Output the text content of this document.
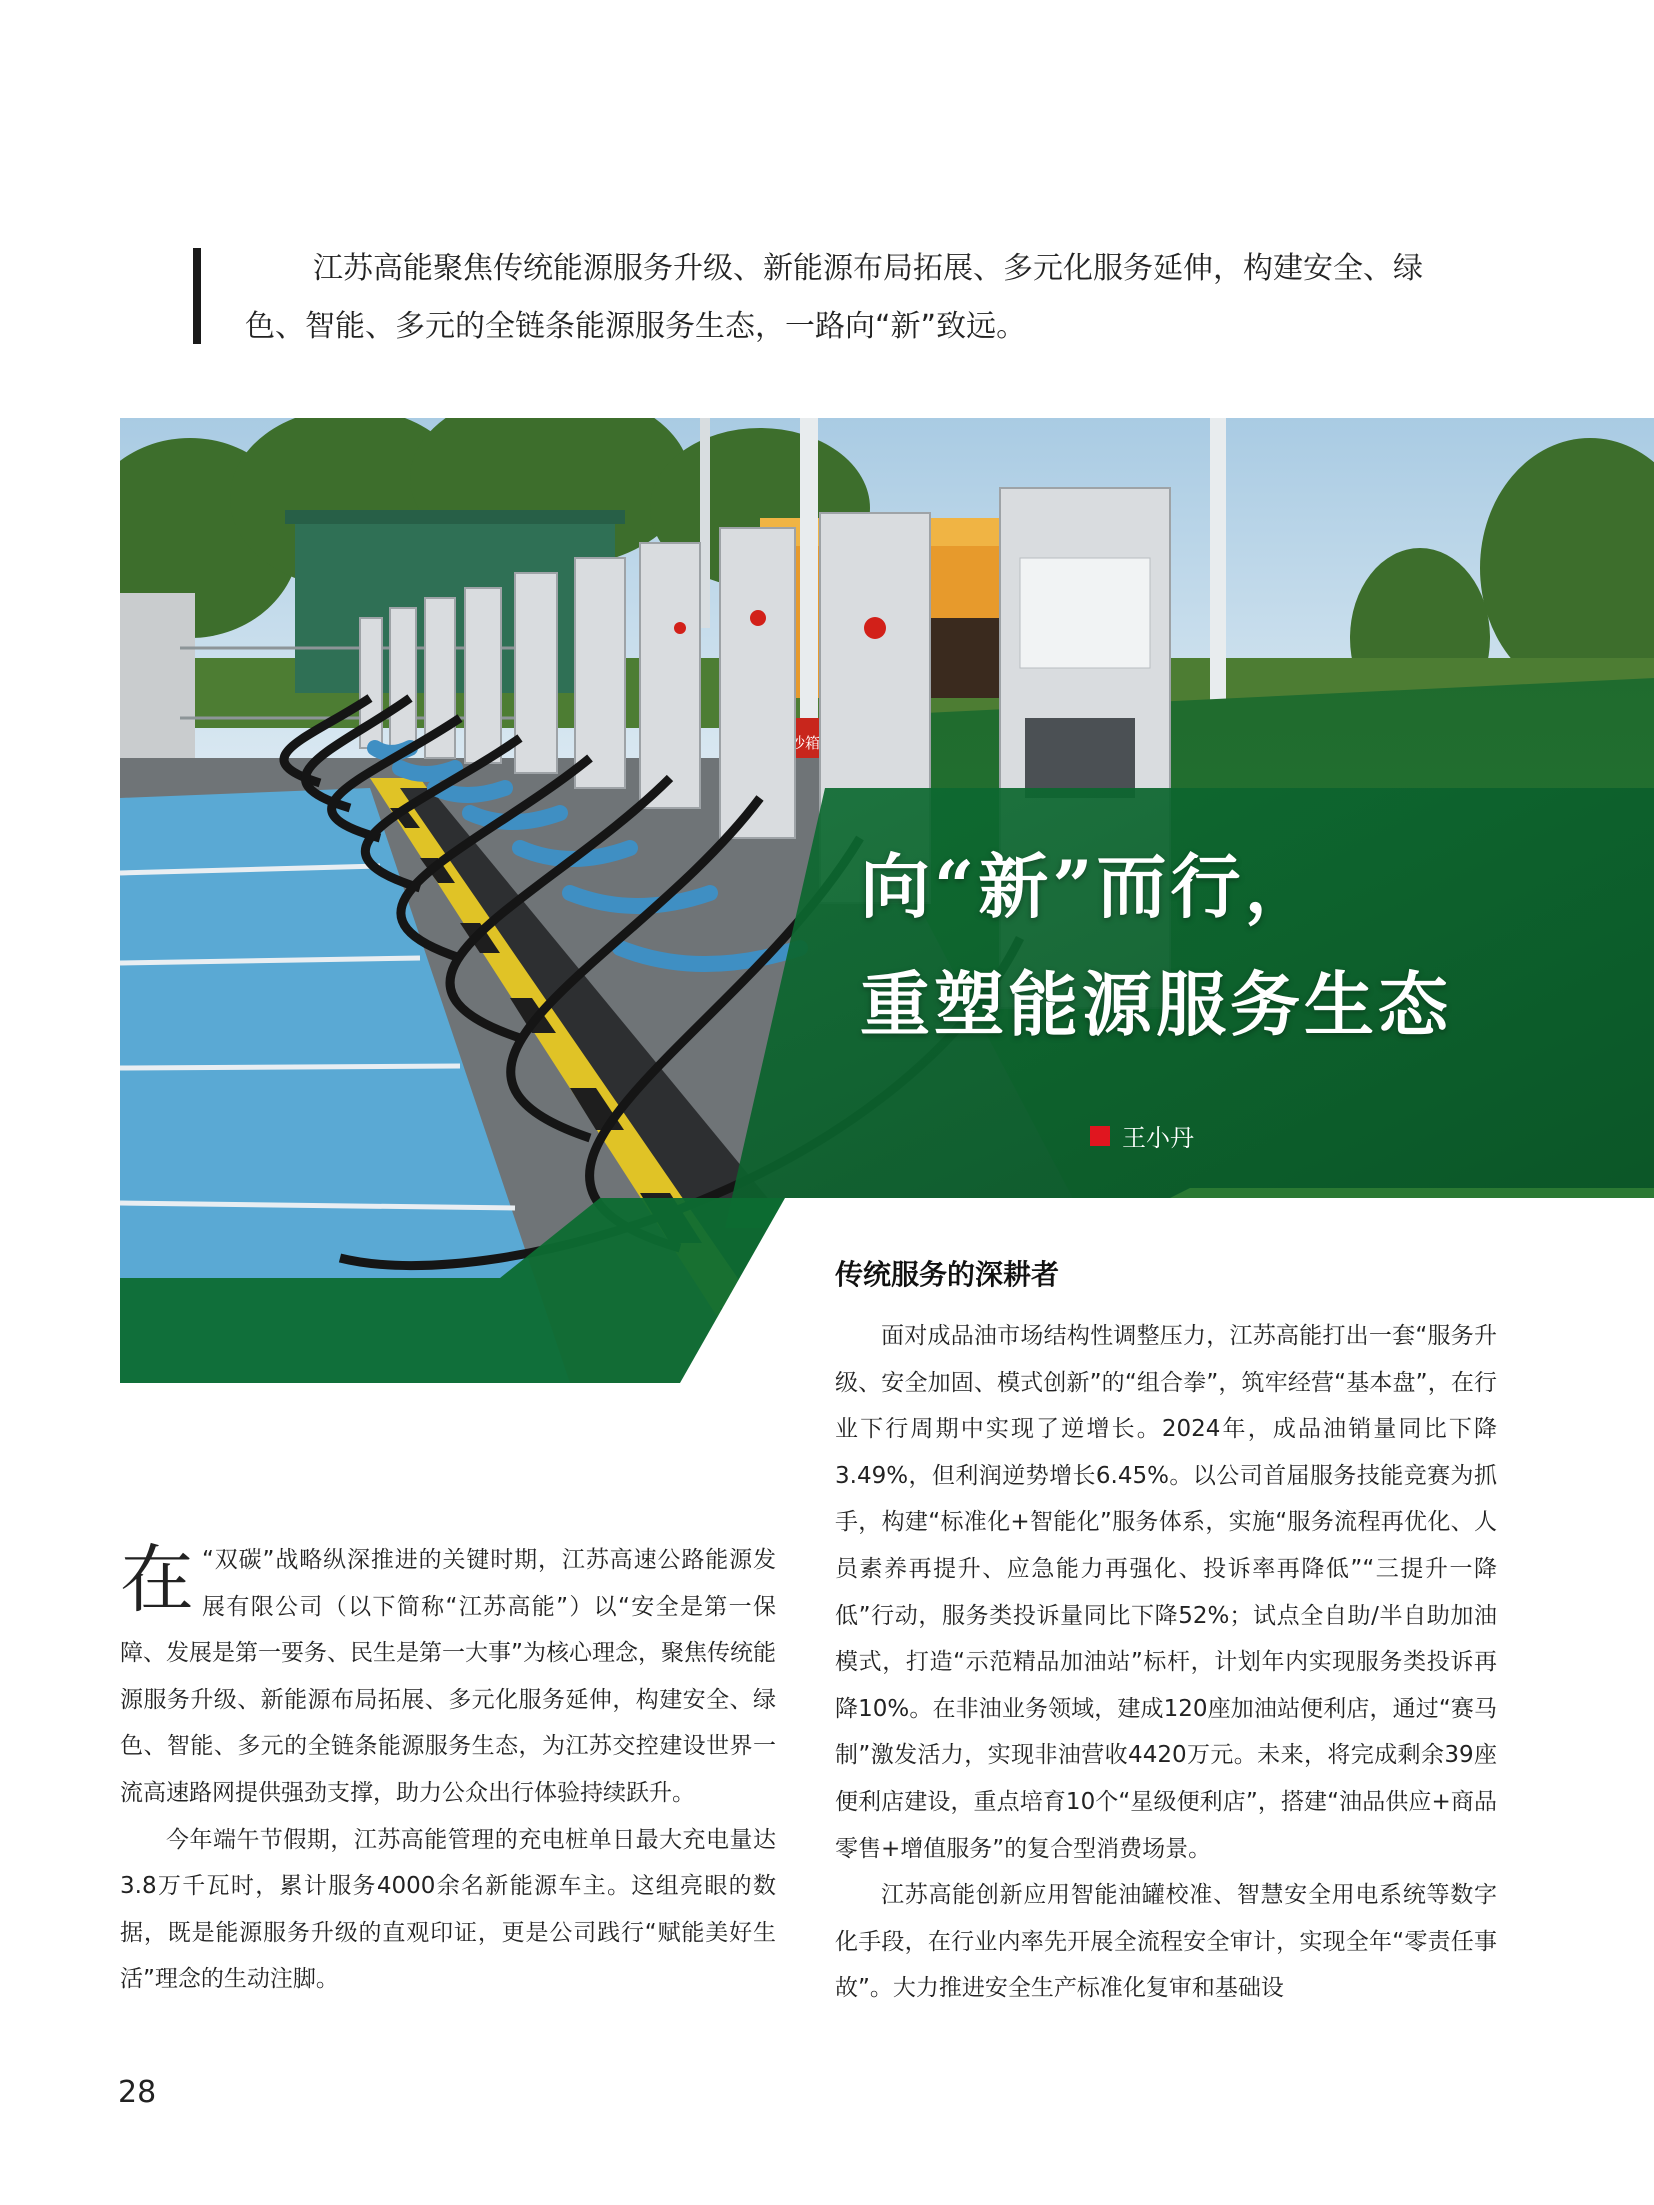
江苏高能聚焦传统能源服务升级、新能源布局拓展、多元化服务延伸，构建安全、绿色、智能、多元的全链条能源服务生态，一路向“新”致远。
向“新”而行，
重塑能源服务生态
王小丹

在 “双碳”战略纵深推进的关键时期，江苏高速公路能源发展有限公司（以下简称“江苏高能”）以“安全是第一保障、发展是第一要务、民生是第一大事”为核心理念，聚焦传统能源服务升级、新能源布局拓展、多元化服务延伸，构建安全、绿色、智能、多元的全链条能源服务生态，为江苏交控建设世界一流高速路网提供强劲支撑，助力公众出行体验持续跃升。

今年端午节假期，江苏高能管理的充电桩单日最大充电量达3.8万千瓦时，累计服务4000余名新能源车主。这组亮眼的数据，既是能源服务升级的直观印证，更是公司践行“赋能美好生活”理念的生动注脚。

传统服务的深耕者

面对成品油市场结构性调整压力，江苏高能打出一套“服务升级、安全加固、模式创新”的“组合拳”，筑牢经营“基本盘”，在行业下行周期中实现了逆增长。2024年，成品油销量同比下降3.49%，但利润逆势增长6.45%。以公司首届服务技能竞赛为抓手，构建“标准化+智能化”服务体系，实施“服务流程再优化、人员素养再提升、应急能力再强化、投诉率再降低”“三提升一降低”行动，服务类投诉量同比下降52%；试点全自助/半自助加油模式，打造“示范精品加油站”标杆，计划年内实现服务类投诉再降10%。在非油业务领域，建成120座加油站便利店，通过“赛马制”激发活力，实现非油营收4420万元。未来，将完成剩余39座便利店建设，重点培育10个“星级便利店”，搭建“油品供应+商品零售+增值服务”的复合型消费场景。

江苏高能创新应用智能油罐校准、智慧安全用电系统等数字化手段，在行业内率先开展全流程安全审计，实现全年“零责任事故”。大力推进安全生产标准化复审和基础设

28
